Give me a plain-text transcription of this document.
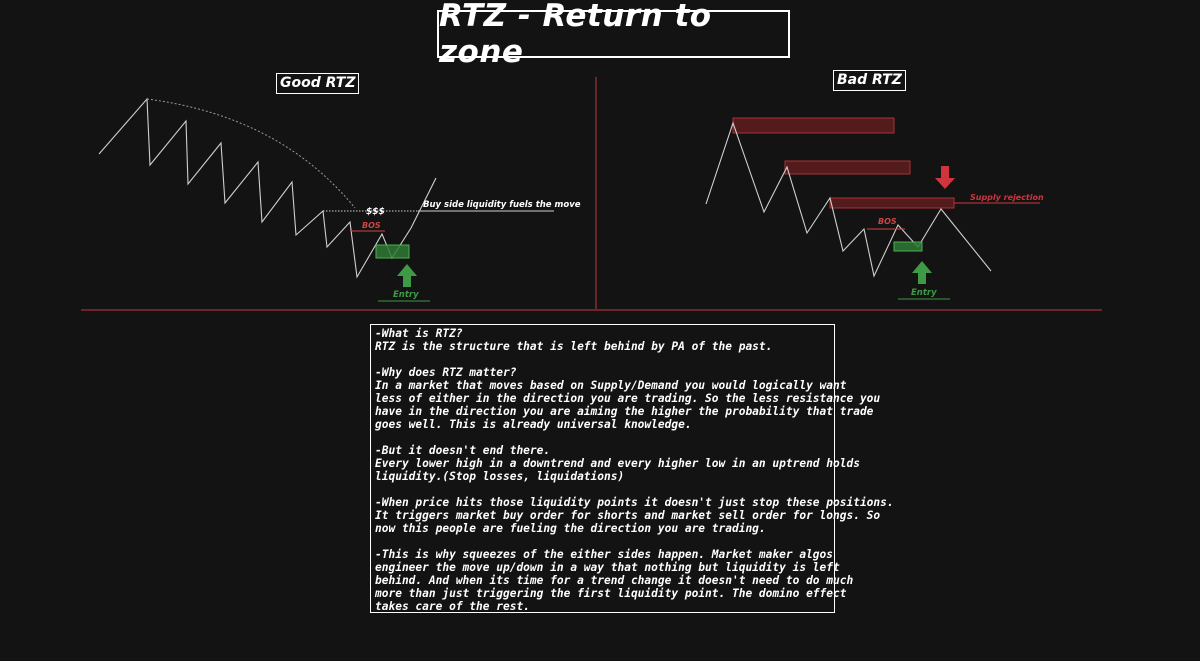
RTZ - Return to zone
$$$
Buy side liquidity fuels the move
BOS
Entry
Supply rejection
BOS
Entry
Good RTZ	Bad RTZ
-What is RTZ?
RTZ is the structure that is left behind by PA of the past.
-Why does RTZ matter?
In a market that moves based on Supply/Demand you would logically want
less of either in the direction you are trading. So the less resistance you
have in the direction you are aiming the higher the probability that trade
goes well. This is already universal knowledge.
-But it doesn't end there.
Every lower high in a downtrend and every higher low in an uptrend holds
liquidity.(Stop losses, liquidations)
-When price hits those liquidity points it doesn't just stop these positions.
It triggers market buy order for shorts and market sell order for longs. So
now this people are fueling the direction you are trading.
-This is why squeezes of the either sides happen. Market maker algos
engineer the move up/down in a way that nothing but liquidity is left
behind. And when its time for a trend change it doesn't need to do much
more than just triggering the first liquidity point. The domino effect
takes care of the rest.
